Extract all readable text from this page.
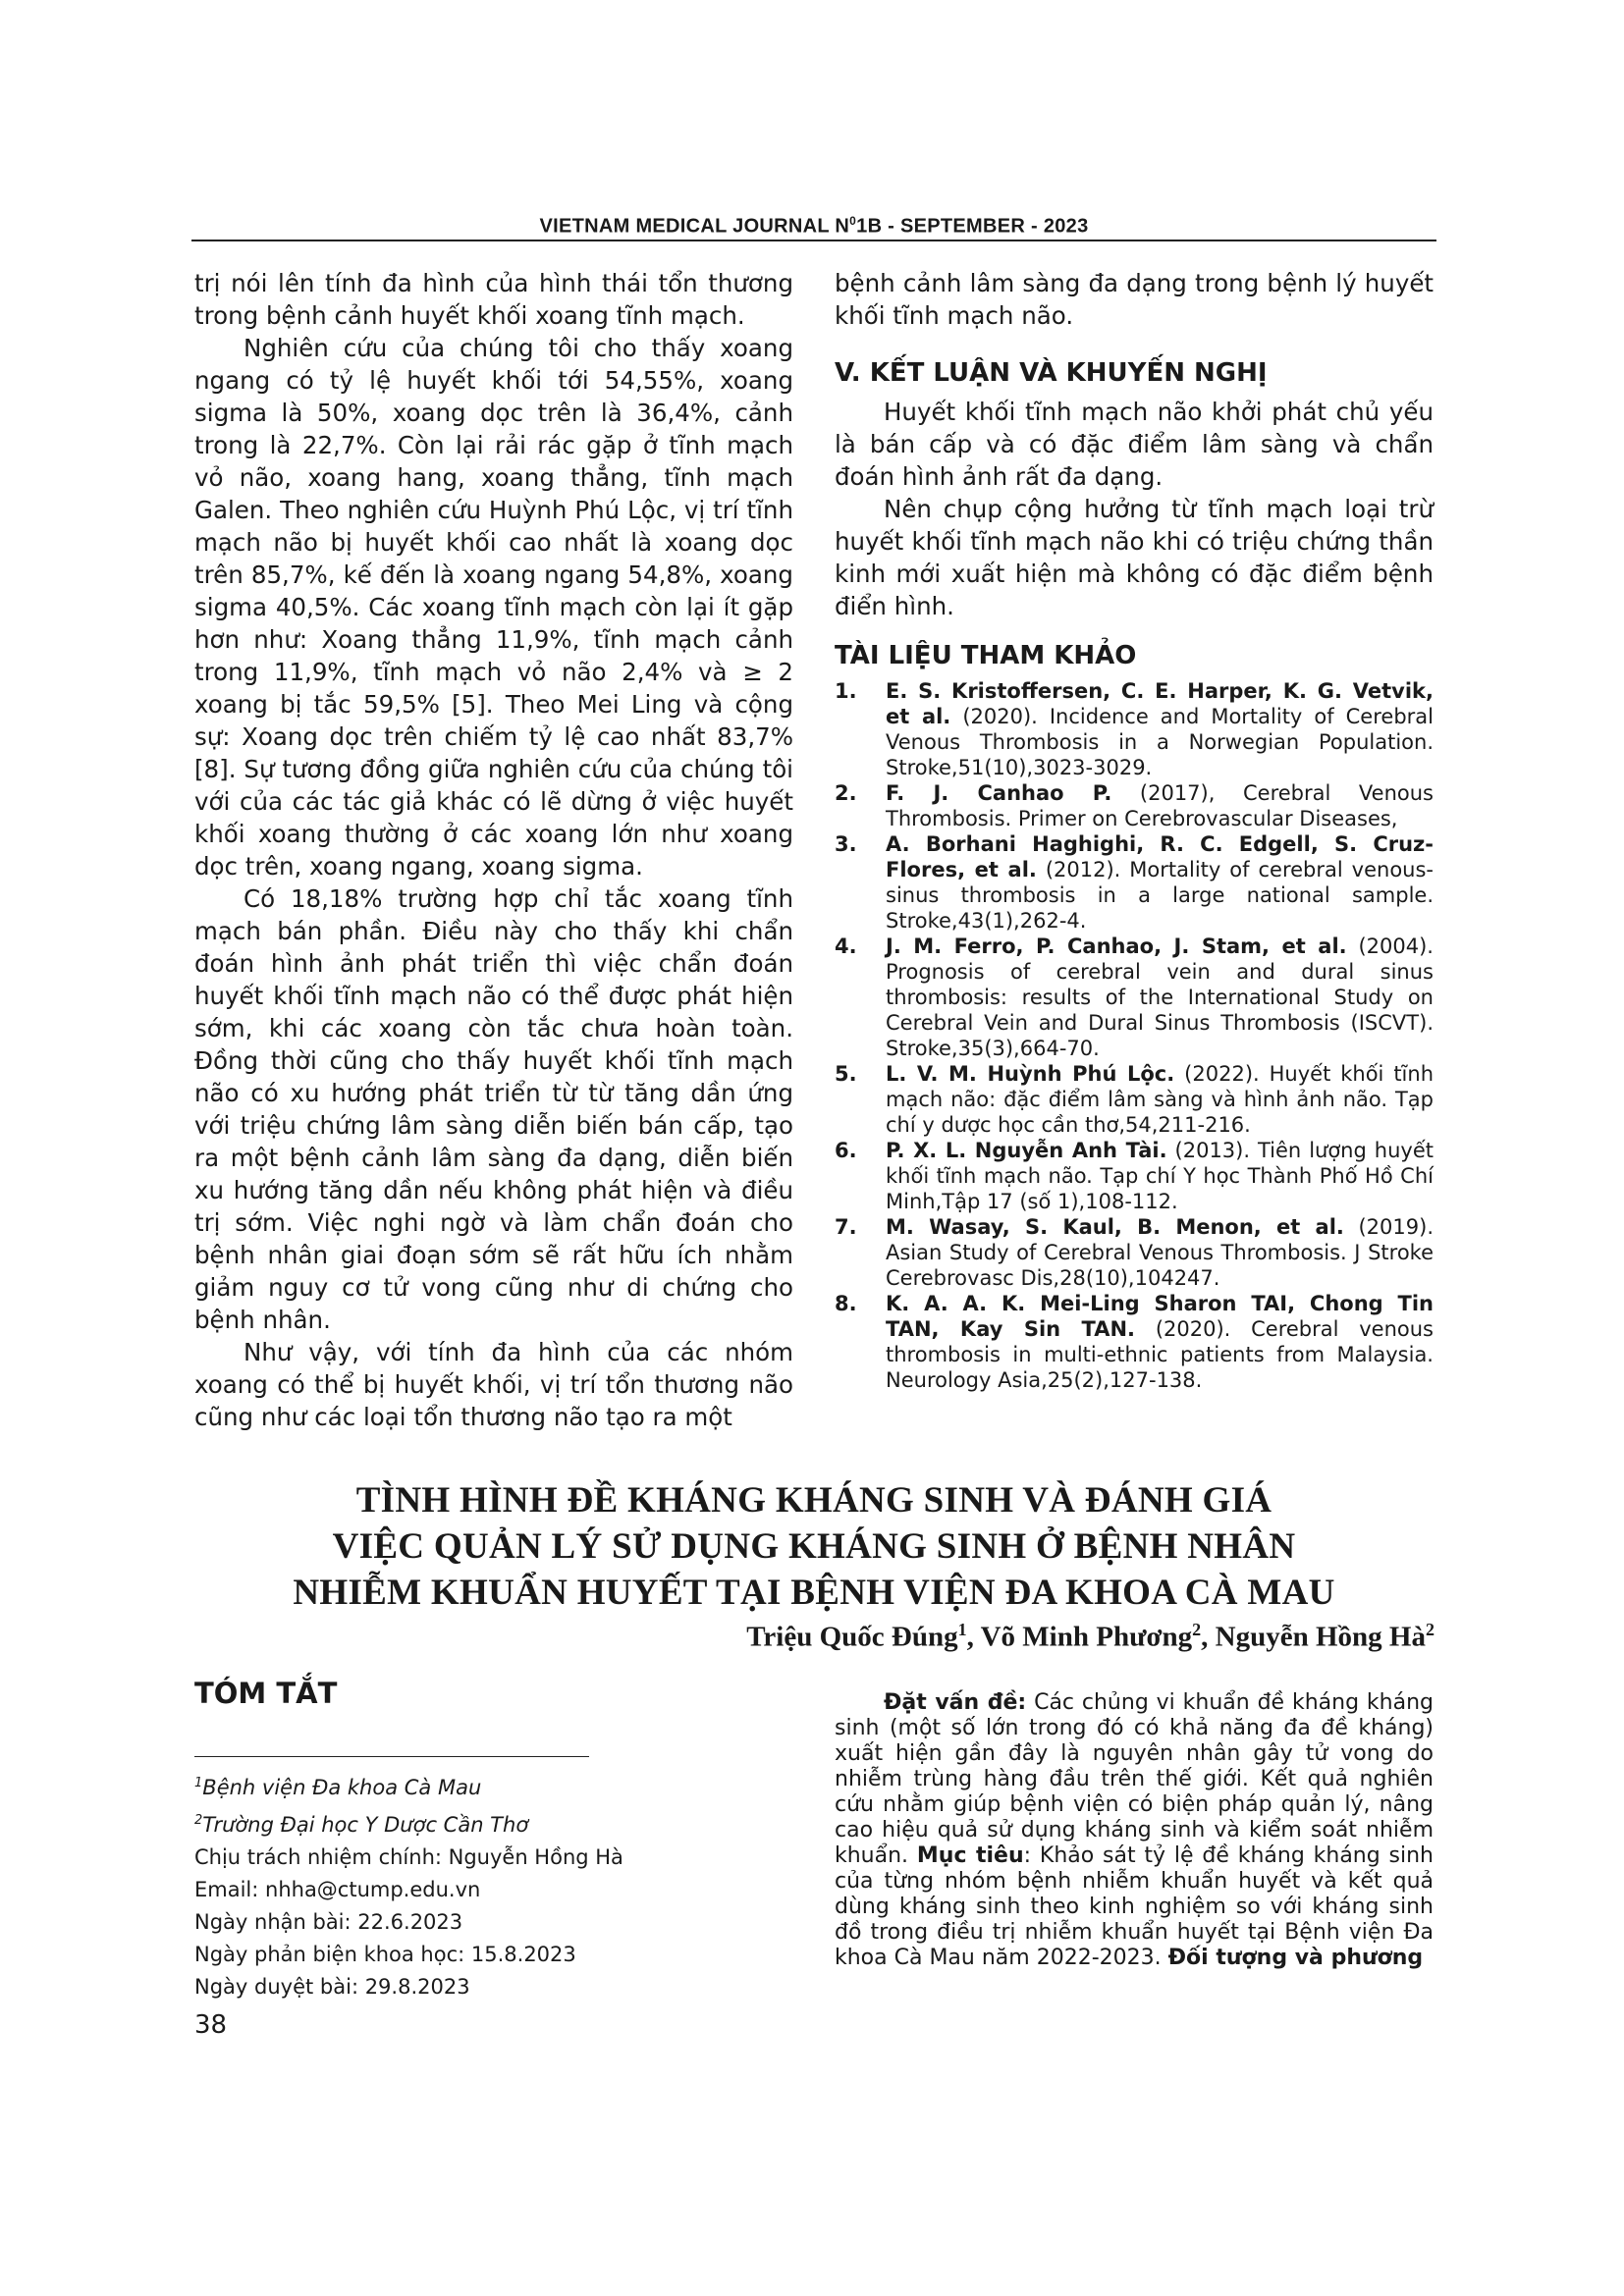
VIETNAM MEDICAL JOURNAL $N^01B$ - SEPTEMBER - 2023

trị nói lên tính đa hình của hình thái tổn thương trong bệnh cảnh huyết khối xoang tĩnh mạch.

Nghiên cứu của chúng tôi cho thấy xoang ngang có tỷ lệ huyết khối tới 54,55%, xoang sigma là 50%, xoang dọc trên là 36,4%, cảnh trong là 22,7%. Còn lại rải rác gặp ở tĩnh mạch vỏ não, xoang hang, xoang thẳng, tĩnh mạch Galen. Theo nghiên cứu Huỳnh Phú Lộc, vị trí tĩnh mạch não bị huyết khối cao nhất là xoang dọc trên 85,7%, kế đến là xoang ngang 54,8%, xoang sigma 40,5%. Các xoang tĩnh mạch còn lại ít gặp hơn như: Xoang thẳng 11,9%, tĩnh mạch cảnh trong 11,9%, tĩnh mạch vỏ não 2,4% và ≥ 2 xoang bị tắc 59,5% [5]. Theo Mei Ling và cộng sự: Xoang dọc trên chiếm tỷ lệ cao nhất 83,7% [8]. Sự tương đồng giữa nghiên cứu của chúng tôi với của các tác giả khác có lẽ dừng ở việc huyết khối xoang thường ở các xoang lớn như xoang dọc trên, xoang ngang, xoang sigma.

Có 18,18% trường hợp chỉ tắc xoang tĩnh mạch bán phần. Điều này cho thấy khi chẩn đoán hình ảnh phát triển thì việc chẩn đoán huyết khối tĩnh mạch não có thể được phát hiện sớm, khi các xoang còn tắc chưa hoàn toàn. Đồng thời cũng cho thấy huyết khối tĩnh mạch não có xu hướng phát triển từ từ tăng dần ứng với triệu chứng lâm sàng diễn biến bán cấp, tạo ra một bệnh cảnh lâm sàng đa dạng, diễn biến xu hướng tăng dần nếu không phát hiện và điều trị sớm. Việc nghi ngờ và làm chẩn đoán cho bệnh nhân giai đoạn sớm sẽ rất hữu ích nhằm giảm nguy cơ tử vong cũng như di chứng cho bệnh nhân.

Như vậy, với tính đa hình của các nhóm xoang có thể bị huyết khối, vị trí tổn thương não cũng như các loại tổn thương não tạo ra một

bệnh cảnh lâm sàng đa dạng trong bệnh lý huyết khối tĩnh mạch não.

V. KẾT LUẬN VÀ KHUYẾN NGHỊ

Huyết khối tĩnh mạch não khởi phát chủ yếu là bán cấp và có đặc điểm lâm sàng và chẩn đoán hình ảnh rất đa dạng.

Nên chụp cộng hưởng từ tĩnh mạch loại trừ huyết khối tĩnh mạch não khi có triệu chứng thần kinh mới xuất hiện mà không có đặc điểm bệnh điển hình.

TÀI LIỆU THAM KHẢO
1.	E. S. Kristoffersen, C. E. Harper, K. G. Vetvik, et al. (2020). Incidence and Mortality of Cerebral Venous Thrombosis in a Norwegian Population. Stroke,51(10),3023-3029.
2.	F. J. Canhao P. (2017), Cerebral Venous Thrombosis. Primer on Cerebrovascular Diseases,
3.	A. Borhani Haghighi, R. C. Edgell, S. Cruz-Flores, et al. (2012). Mortality of cerebral venous-sinus thrombosis in a large national sample. Stroke,43(1),262-4.
4.	J. M. Ferro, P. Canhao, J. Stam, et al. (2004). Prognosis of cerebral vein and dural sinus thrombosis: results of the International Study on Cerebral Vein and Dural Sinus Thrombosis (ISCVT). Stroke,35(3),664-70.
5.	L. V. M. Huỳnh Phú Lộc. (2022). Huyết khối tĩnh mạch não: đặc điểm lâm sàng và hình ảnh não. Tạp chí y dược học cần thơ,54,211-216.
6.	P. X. L. Nguyễn Anh Tài. (2013). Tiên lượng huyết khối tĩnh mạch não. Tạp chí Y học Thành Phố Hồ Chí Minh,Tập 17 (số 1),108-112.
7.	M. Wasay, S. Kaul, B. Menon, et al. (2019). Asian Study of Cerebral Venous Thrombosis. J Stroke Cerebrovasc Dis,28(10),104247.
8.	K. A. A. K. Mei-Ling Sharon TAI, Chong Tin TAN, Kay Sin TAN. (2020). Cerebral venous thrombosis in multi-ethnic patients from Malaysia. Neurology Asia,25(2),127-138.
TÌNH HÌNH ĐỀ KHÁNG KHÁNG SINH VÀ ĐÁNH GIÁ
VIỆC QUẢN LÝ SỬ DỤNG KHÁNG SINH Ở BỆNH NHÂN
NHIỄM KHUẨN HUYẾT TẠI BỆNH VIỆN ĐA KHOA CÀ MAU
Triệu Quốc Đúng$^1$, Võ Minh Phương$^2$, Nguyễn Hồng $Hà^2$
TÓM TẮT

$^1$Bệnh viện Đa khoa Cà Mau

$^2$Trường Đại học Y Dược Cần Thơ

Chịu trách nhiệm chính: Nguyễn Hồng Hà

Email: nhha@ctump.edu.vn

Ngày nhận bài: 22.6.2023

Ngày phản biện khoa học: 15.8.2023

Ngày duyệt bài: 29.8.2023

Đặt vấn đề: Các chủng vi khuẩn đề kháng kháng sinh (một số lớn trong đó có khả năng đa đề kháng) xuất hiện gần đây là nguyên nhân gây tử vong do nhiễm trùng hàng đầu trên thế giới. Kết quả nghiên cứu nhằm giúp bệnh viện có biện pháp quản lý, nâng cao hiệu quả sử dụng kháng sinh và kiểm soát nhiễm khuẩn. Mục tiêu: Khảo sát tỷ lệ đề kháng kháng sinh của từng nhóm bệnh nhiễm khuẩn huyết và kết quả dùng kháng sinh theo kinh nghiệm so với kháng sinh đồ trong điều trị nhiễm khuẩn huyết tại Bệnh viện Đa khoa Cà Mau năm 2022-2023. Đối tượng và phương

38
